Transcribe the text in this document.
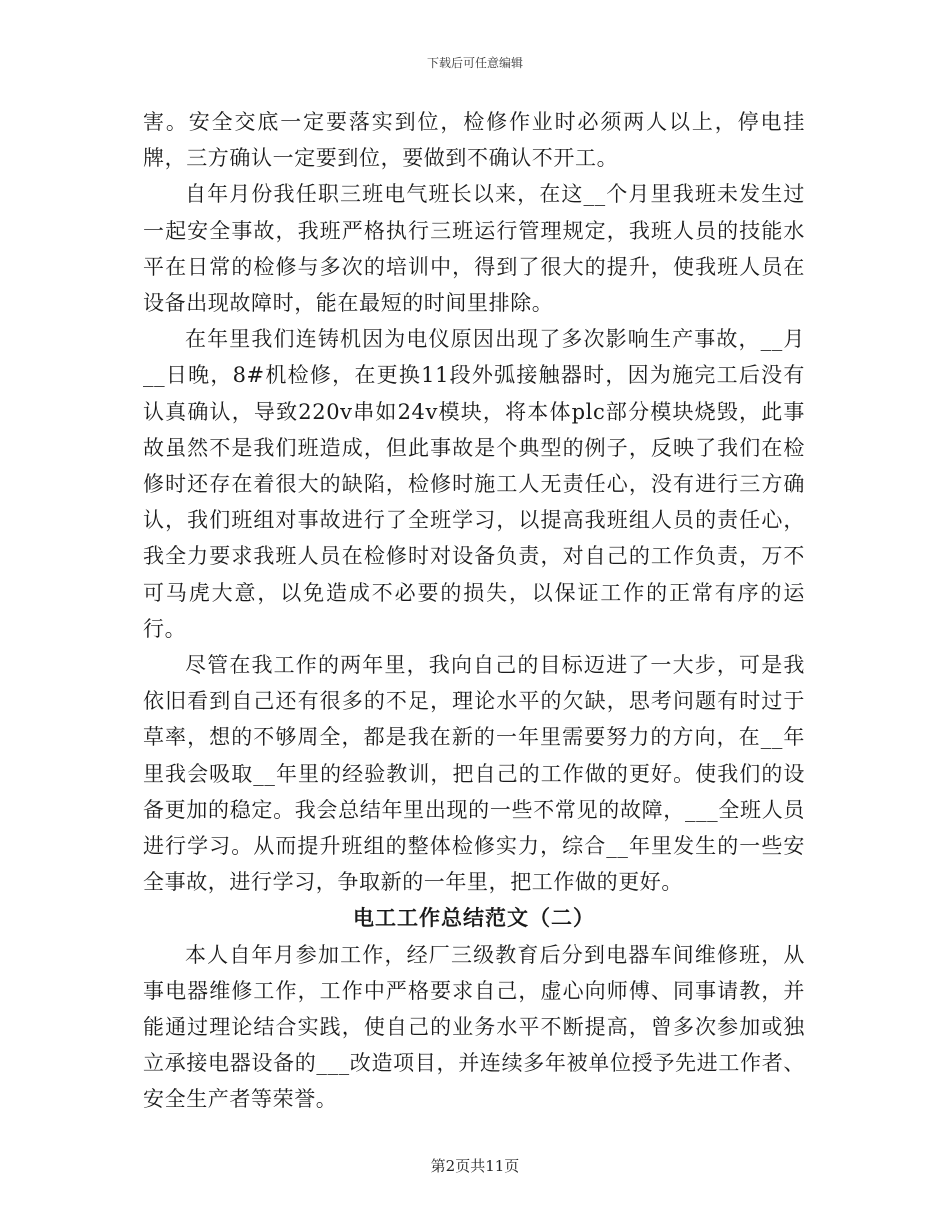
下载后可任意编辑

害。安全交底一定要落实到位，检修作业时必须两人以上，停电挂牌，三方确认一定要到位，要做到不确认不开工。

自年月份我任职三班电气班长以来，在这__个月里我班未发生过一起安全事故，我班严格执行三班运行管理规定，我班人员的技能水平在日常的检修与多次的培训中，得到了很大的提升，使我班人员在设备出现故障时，能在最短的时间里排除。

在年里我们连铸机因为电仪原因出现了多次影响生产事故，__月__日晚，8#机检修，在更换11段外弧接触器时，因为施完工后没有认真确认，导致220v串如24v模块，将本体plc部分模块烧毁，此事故虽然不是我们班造成，但此事故是个典型的例子，反映了我们在检修时还存在着很大的缺陷，检修时施工人无责任心，没有进行三方确认，我们班组对事故进行了全班学习，以提高我班组人员的责任心，我全力要求我班人员在检修时对设备负责，对自己的工作负责，万不可马虎大意，以免造成不必要的损失，以保证工作的正常有序的运行。

尽管在我工作的两年里，我向自己的目标迈进了一大步，可是我依旧看到自己还有很多的不足，理论水平的欠缺，思考问题有时过于草率，想的不够周全，都是我在新的一年里需要努力的方向，在__年里我会吸取__年里的经验教训，把自己的工作做的更好。使我们的设备更加的稳定。我会总结年里出现的一些不常见的故障，___全班人员进行学习。从而提升班组的整体检修实力，综合__年里发生的一些安全事故，进行学习，争取新的一年里，把工作做的更好。

电工工作总结范文（二）

本人自年月参加工作，经厂三级教育后分到电器车间维修班，从事电器维修工作，工作中严格要求自己，虚心向师傅、同事请教，并能通过理论结合实践，使自己的业务水平不断提高，曾多次参加或独立承接电器设备的___改造项目，并连续多年被单位授予先进工作者、安全生产者等荣誉。

第2页共11页
